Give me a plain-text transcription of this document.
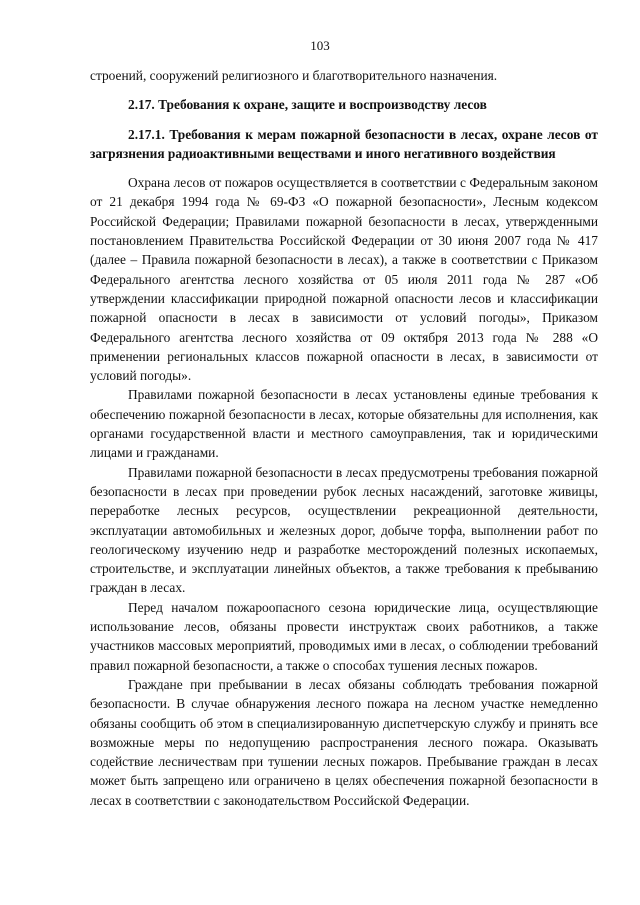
103

строений, сооружений религиозного и благотворительного назначения.

2.17. Требования к охране, защите и воспроизводству лесов
2.17.1. Требования к мерам пожарной безопасности в лесах, охране лесов от загрязнения радиоактивными веществами и иного негативного воздействия

Охрана лесов от пожаров осуществляется в соответствии с Федеральным законом от 21 декабря 1994 года № 69-ФЗ «О пожарной безопасности», Лесным кодексом Российской Федерации; Правилами пожарной безопасности в лесах, утвержденными постановлением Правительства Российской Федерации от 30 июня 2007 года № 417 (далее – Правила пожарной безопасности в лесах), а также в соответствии с Приказом Федерального агентства лесного хозяйства от 05 июля 2011 года № 287 «Об утверждении классификации природной пожарной опасности лесов и классификации пожарной опасности в лесах в зависимости от условий погоды», Приказом Федерального агентства лесного хозяйства от 09 октября 2013 года № 288 «О применении региональных классов пожарной опасности в лесах, в зависимости от условий погоды».

Правилами пожарной безопасности в лесах установлены единые требования к обеспечению пожарной безопасности в лесах, которые обязательны для исполнения, как органами государственной власти и местного самоуправления, так и юридическими лицами и гражданами.

Правилами пожарной безопасности в лесах предусмотрены требования пожарной безопасности в лесах при проведении рубок лесных насаждений, заготовке живицы, переработке лесных ресурсов, осуществлении рекреационной деятельности, эксплуатации автомобильных и железных дорог, добыче торфа, выполнении работ по геологическому изучению недр и разработке месторождений полезных ископаемых, строительстве, и эксплуатации линейных объектов, а также требования к пребыванию граждан в лесах.

Перед началом пожароопасного сезона юридические лица, осуществляющие использование лесов, обязаны провести инструктаж своих работников, а также участников массовых мероприятий, проводимых ими в лесах, о соблюдении требований правил пожарной безопасности, а также о способах тушения лесных пожаров.

Граждане при пребывании в лесах обязаны соблюдать требования пожарной безопасности. В случае обнаружения лесного пожара на лесном участке немедленно обязаны сообщить об этом в специализированную диспетчерскую службу и принять все возможные меры по недопущению распространения лесного пожара. Оказывать содействие лесничествам при тушении лесных пожаров. Пребывание граждан в лесах может быть запрещено или ограничено в целях обеспечения пожарной безопасности в лесах в соответствии с законодательством Российской Федерации.
